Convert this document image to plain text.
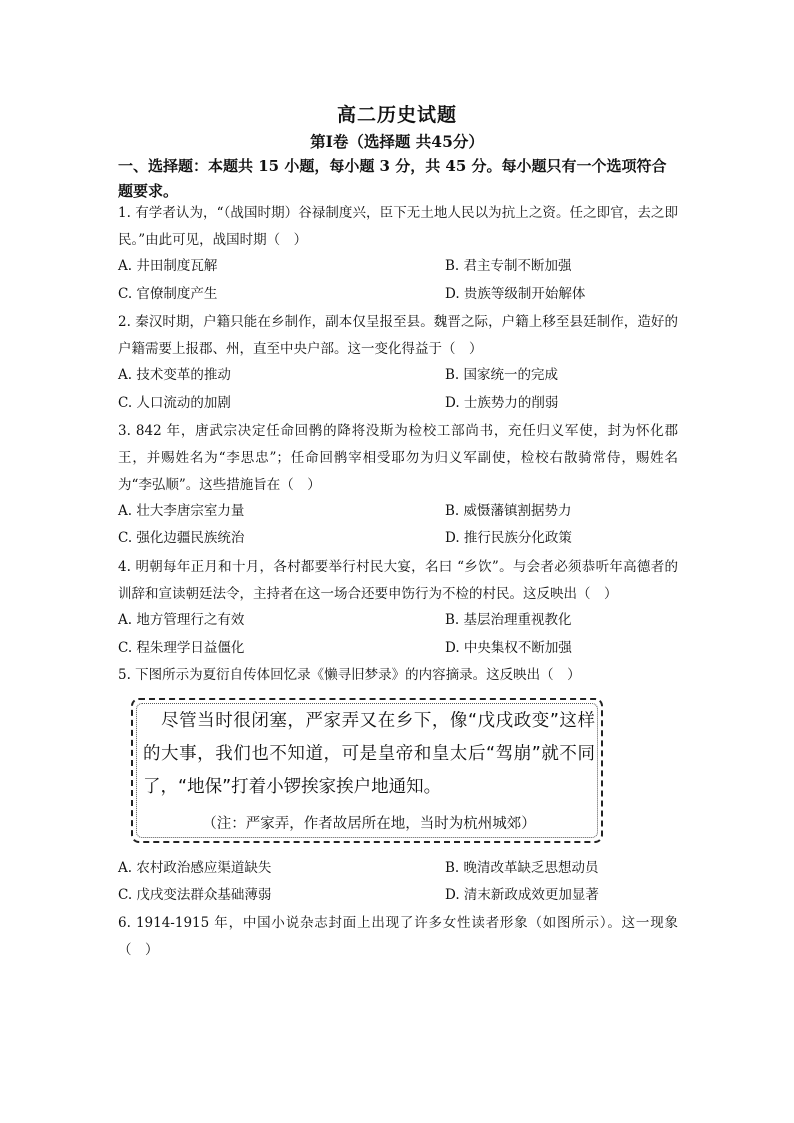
高二历史试题
第Ⅰ卷（选择题 共45分）
一、选择题：本题共 15 小题，每小题 3 分，共 45 分。每小题只有一个选项符合题要求。
1. 有学者认为，“（战国时期）谷禄制度兴，臣下无土地人民以为抗上之资。任之即官，去之即民。”由此可见，战国时期（　）
A. 井田制度瓦解	B. 君主专制不断加强
C. 官僚制度产生	D. 贵族等级制开始解体
2. 秦汉时期，户籍只能在乡制作，副本仅呈报至县。魏晋之际，户籍上移至县廷制作，造好的户籍需要上报郡、州，直至中央户部。这一变化得益于（　）
A. 技术变革的推动	B. 国家统一的完成
C. 人口流动的加剧	D. 士族势力的削弱
3. 842 年，唐武宗决定任命回鹘的降将没斯为检校工部尚书，充任归义军使，封为怀化郡王，并赐姓名为“李思忠”；任命回鹘宰相受耶勿为归义军副使，检校右散骑常侍，赐姓名为“李弘顺”。这些措施旨在（　）
A. 壮大李唐宗室力量	B. 威慑藩镇割据势力
C. 强化边疆民族统治	D. 推行民族分化政策
4. 明朝每年正月和十月，各村都要举行村民大宴，名曰 “乡饮”。与会者必须恭听年高德者的训辞和宣读朝廷法令，主持者在这一场合还要申饬行为不检的村民。这反映出（　）
A. 地方管理行之有效	B. 基层治理重视教化
C. 程朱理学日益僵化	D. 中央集权不断加强
5. 下图所示为夏衍自传体回忆录《懒寻旧梦录》的内容摘录。这反映出（　）
　尽管当时很闭塞，严家弄又在乡下，像“戊戌政变”这样的大事，我们也不知道，可是皇帝和皇太后“驾崩”就不同了，“地保”打着小锣挨家挨户地通知。
（注：严家弄，作者故居所在地，当时为杭州城郊）
A. 农村政治感应渠道缺失	B. 晚清改革缺乏思想动员
C. 戊戌变法群众基础薄弱	D. 清末新政成效更加显著
6. 1914-1915 年，中国小说杂志封面上出现了许多女性读者形象（如图所示）。这一现象（　）
